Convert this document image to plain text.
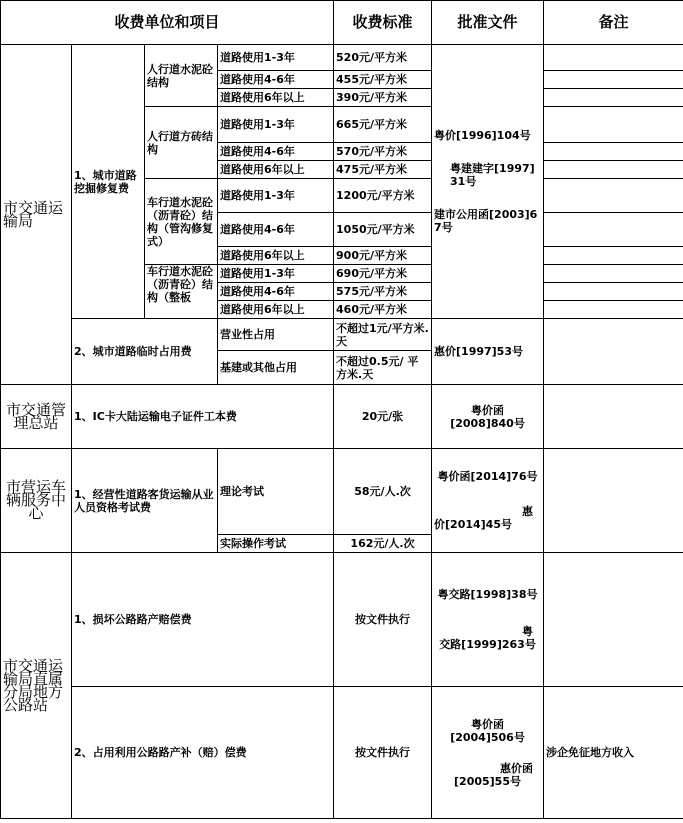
收费单位和项目				收费标准	批准文件	备注
市交通运输局	1、城市道路挖掘修复费	人行道水泥砼结构	道路使用1-3年	520元/平方米	粤价[1996]104号
粤建建字[1997]31号
建市公用函[2003]67号	

			道路使用4-6年	455元/平方米		
			道路使用6年以上	390元/平方米		
		人行道方砖结构	道路使用1-3年	665元/平方米		
			道路使用4-6年	570元/平方米		
			道路使用6年以上	475元/平方米		
		车行道水泥砼（沥青砼）结构（管沟修复式）	道路使用1-3年	1200元/平方米		
			道路使用4-6年	1050元/平方米		
			道路使用6年以上	900元/平方米		

		车行道水泥砼（沥青砼）结构（整板	道路使用1-3年	690元/平方米		
			道路使用4-6年	575元/平方米		
			道路使用6年以上	460元/平方米		
	2、城市道路临时占用费		营业性占用	不超过1元/平方米.天	惠价[1997]53号	
			基建或其他占用	不超过0.5元/ 平方米.天		
市交通管理总站	1、IC卡大陆运输电子证件工本费			20元/张	粤价函
[2008]840号	

市营运车辆服务中心	1、经营性道路客货运输从业人员资格考试费		理论考试	58元/人.次	粤价函[2014]76号
惠
价[2014]45号	

			实际操作考试	162元/人.次		
市交通运输局直属分局地方公路站	1、损坏公路路产赔偿费			按文件执行	粤交路[1998]38号
粤
交路[1999]263号	

	2、占用利用公路路产补（赔）偿费			按文件执行	粤价函
[2004]506号
惠价函
[2005]55号	涉企免征地方收入
